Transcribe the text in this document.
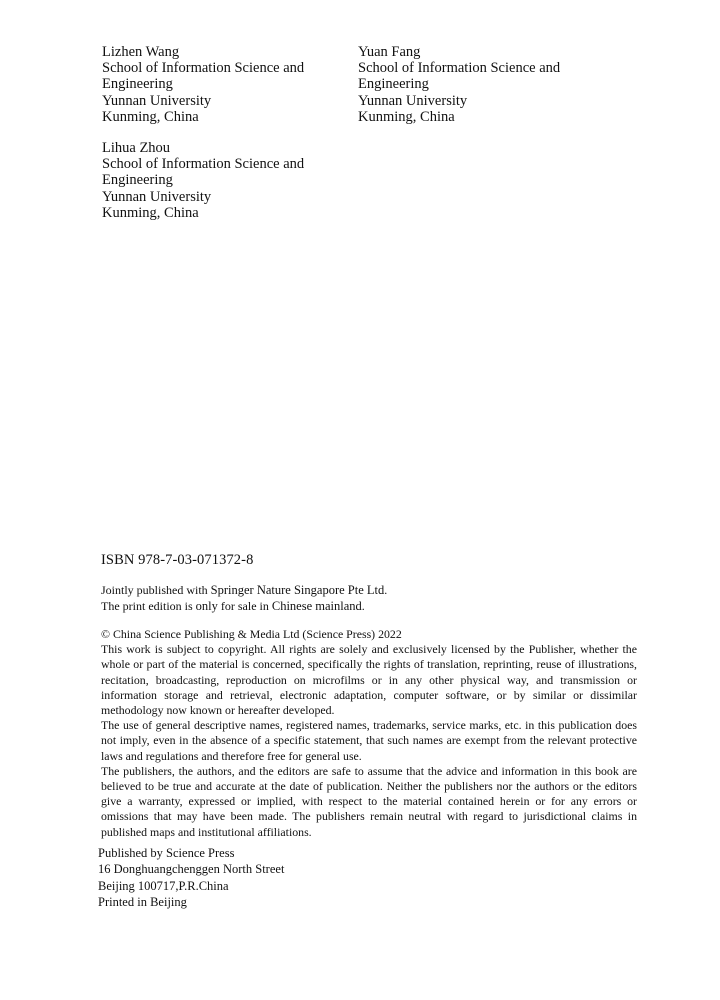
Lizhen Wang
School of Information Science and
Engineering
Yunnan University
Kunming, China
Yuan Fang
School of Information Science and
Engineering
Yunnan University
Kunming, China
Lihua Zhou
School of Information Science and
Engineering
Yunnan University
Kunming, China
ISBN 978-7-03-071372-8
Jointly published with Springer Nature Singapore Pte Ltd.
The print edition is only for sale in Chinese mainland.

© China Science Publishing & Media Ltd (Science Press) 2022

This work is subject to copyright. All rights are solely and exclusively licensed by the Publisher, whether the whole or part of the material is concerned, specifically the rights of translation, reprinting, reuse of illustrations, recitation, broadcasting, reproduction on microfilms or in any other physical way, and transmission or information storage and retrieval, electronic adaptation, computer software, or by similar or dissimilar methodology now known or hereafter developed.

The use of general descriptive names, registered names, trademarks, service marks, etc. in this publication does not imply, even in the absence of a specific statement, that such names are exempt from the relevant protective laws and regulations and therefore free for general use.

The publishers, the authors, and the editors are safe to assume that the advice and information in this book are believed to be true and accurate at the date of publication. Neither the publishers nor the authors or the editors give a warranty, expressed or implied, with respect to the material contained herein or for any errors or omissions that may have been made. The publishers remain neutral with regard to jurisdictional claims in published maps and institutional affiliations.

Published by Science Press
16 Donghuangchenggen North Street
Beijing 100717,P.R.China
Printed in Beijing
